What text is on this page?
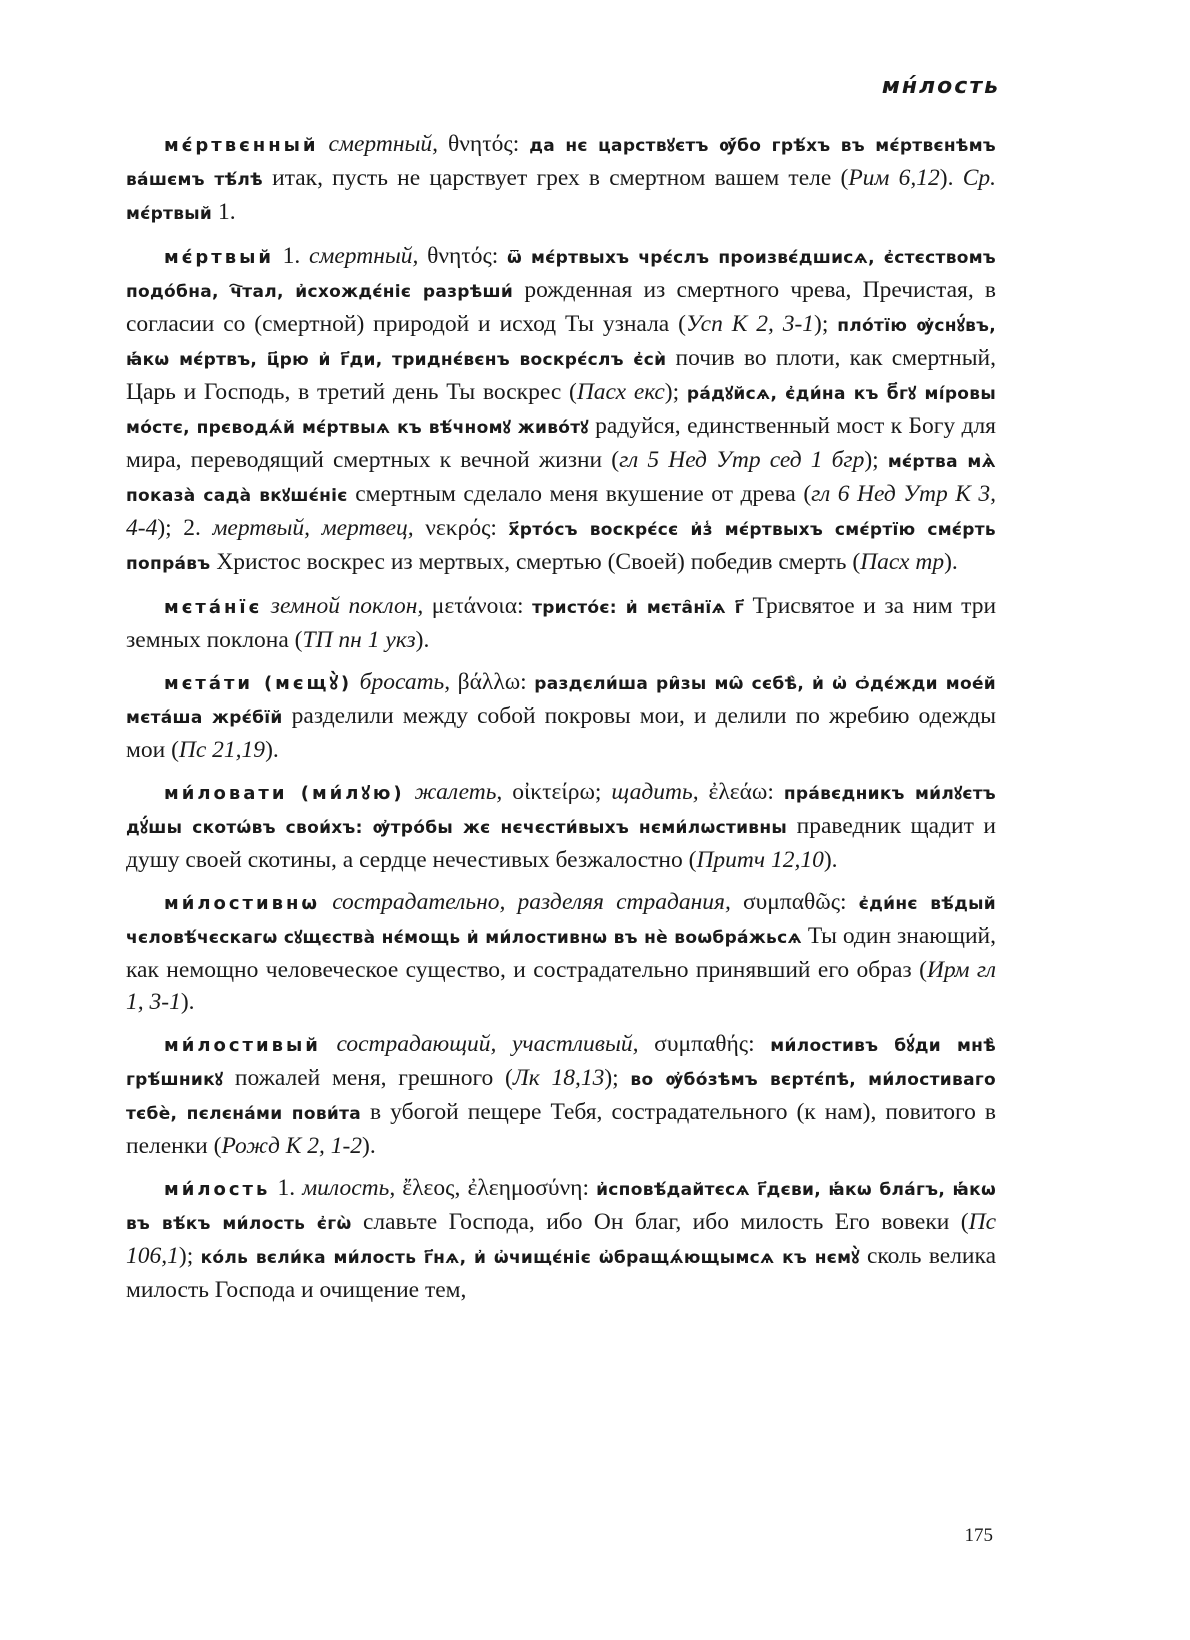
мн́лость

мє́ртвєнный смертный, θνητός: да нє царствꙋєтъ ѹ҆́бо грѣ́хъ въ мє́ртвєнѣмъ ва́шємъ тѣ́лѣ итак, пусть не царствует грех в смертном вашем теле (Рим 6,12). Ср. мє́ртвый 1.

мє́ртвый 1. смертный, θνητός: ѿ мє́ртвыхъ чрє́слъ произвє́дшисѧ, є҆стєствомъ подо́бна, ч҇тал, и҆схождє́ніє разрѣши́ рожденная из смертного чрева, Пречистая, в согласии со (смертной) природой и исход Ты узнала (Усп К 2, 3-1); пло́тїю ѹ҆снꙋ́въ, ꙗ҆́кѡ мє́ртвъ, ц҃рю и҆ г҃ди, триднє́вєнъ воскрє́слъ є҆сѝ почив во плоти, как смертный, Царь и Господь, в третий день Ты воскрес (Пасх екс); ра́дꙋйсѧ, є҆ди́на къ б҃гꙋ мі́ровы мо́стє, прєводѧ́й мє́ртвыѧ къ вѣ́чномꙋ живо́тꙋ радуйся, единственный мост к Богу для мира, переводящий смертных к вечной жизни (гл 5 Нед Утр сед 1 бгр); мє́ртва мѧ̀ показа̀ сада̀ вкꙋшє́ніє смертным сделало меня вкушение от древа (гл 6 Нед Утр К 3, 4-4); 2. мертвый, мертвец, νεκρός: х҃рто́съ воскрє́сє и҆з̾ мє́ртвыхъ смє́ртїю смє́рть попра́въ Христос воскрес из мертвых, смертью (Своей) победив смерть (Пасх тр).

мєта́нїє земной поклон, μετάνοια: тристо́є: и҆ мєта̑нїѧ г҃ Трисвятое и за ним три земных поклона (ТП пн 1 укз).

мєта́ти (мєщꙋ̀) бросать, βάλλω: раздєли́ша ри̑зы мѡ̑ сєбѣ̀, и҆ ѡ҆ ѻ҆дє́жди мое́й мєта́ша жрє́бїй разделили между собой покровы мои, и делили по жребию одежды мои (Пс 21,19).

ми́ловати (ми́лꙋю) жалеть, οἰκτείρω; щадить, ἐλεάω: пра́вєдникъ ми́лꙋєтъ дꙋ́шы скотѡ́въ свои́хъ: ѹ҆тро́бы жє нєчєсти́выхъ нєми́лѡстивны праведник щадит и душу своей скотины, а сердце нечестивых безжалостно (Притч 12,10).

ми́лостивнѡ сострадательно, разделяя страдания, συμπαθῶς: є҆ди́нє вѣ́дый чєловѣ́чєскагѡ сꙋщєства̀ нє́мощь и҆ ми́лостивнѡ въ нѐ воѡбра́жьсѧ Ты один знающий, как немощно человеческое существо, и сострадательно принявший его образ (Ирм гл 1, 3-1).

ми́лостивый сострадающий, участливый, συμπαθής: ми́лостивъ бꙋ́ди мнѣ̀ грѣ́шникꙋ пожалей меня, грешного (Лк 18,13); во ѹ҆бо́зѣмъ вєртє́пѣ, ми́лостиваго тєбѐ, пєлєна́ми пови́та в убогой пещере Тебя, сострадательного (к нам), повитого в пеленки (Рожд К 2, 1-2).

ми́лость 1. милость, ἔλεος, ἐλεημοσύνη: и҆сповѣ́дайтєсѧ г҃дєви, ꙗ҆́кѡ бла́гъ, ꙗ҆́кѡ въ вѣ́къ ми́лость є҆гѡ̀ славьте Господа, ибо Он благ, ибо милость Его вовеки (Пс 106,1); ко́ль вєли́ка ми́лость г҃нѧ, и҆ ѡ҆чищє́ніє ѡ҆бращѧ́ющымсѧ къ нємꙋ̀ сколь велика милость Господа и очищение тем,

175
